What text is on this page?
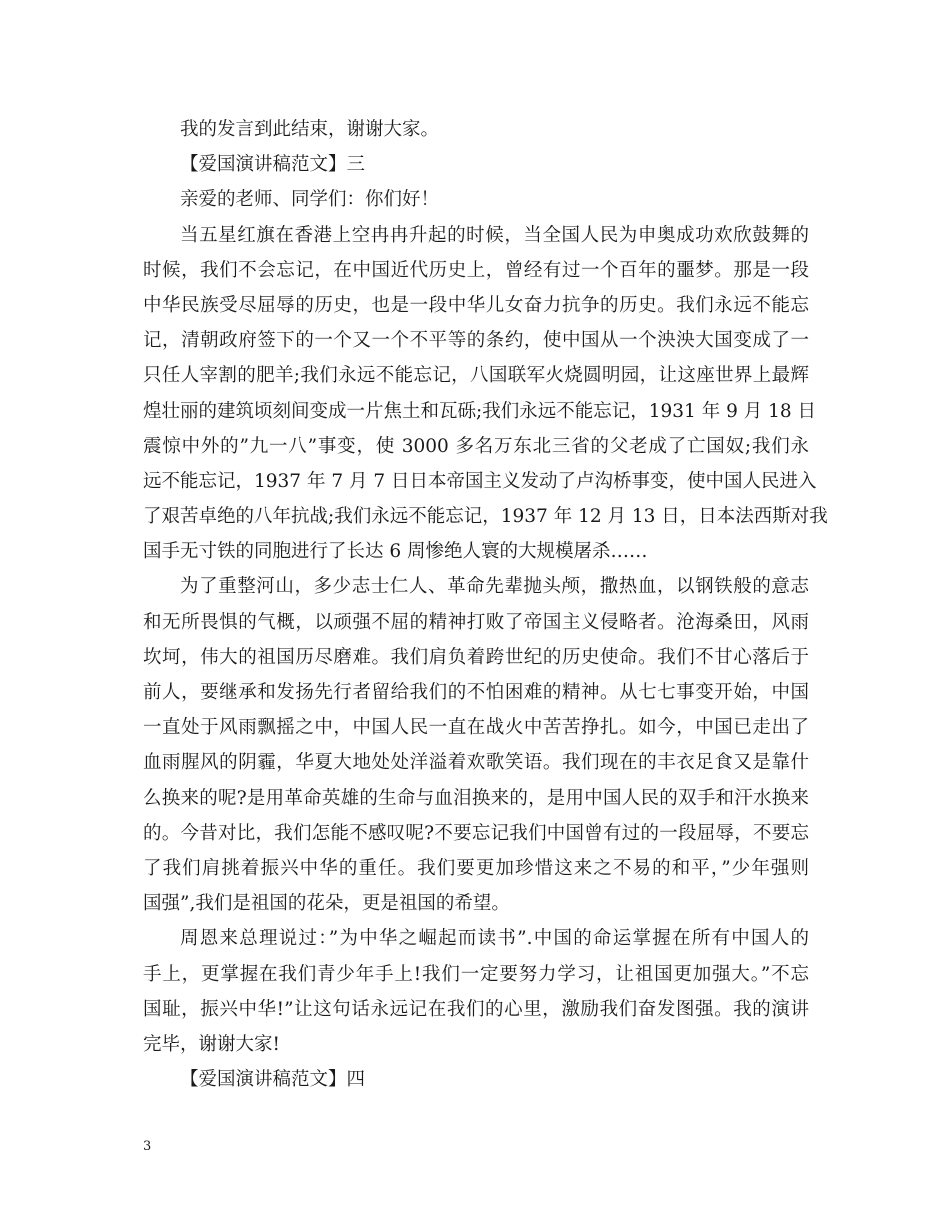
我的发言到此结束，谢谢大家。
【爱国演讲稿范文】三
亲爱的老师、同学们：你们好！
当五星红旗在香港上空冉冉升起的时候，当全国人民为申奥成功欢欣鼓舞的
时候，我们不会忘记，在中国近代历史上，曾经有过一个百年的噩梦。那是一段
中华民族受尽屈辱的历史，也是一段中华儿女奋力抗争的历史。我们永远不能忘
记，清朝政府签下的一个又一个不平等的条约，使中国从一个泱泱大国变成了一
只任人宰割的肥羊;我们永远不能忘记，八国联军火烧圆明园，让这座世界上最辉
煌壮丽的建筑顷刻间变成一片焦土和瓦砾;我们永远不能忘记，1931 年 9 月 18 日
震惊中外的”九一八”事变，使 3000 多名万东北三省的父老成了亡国奴;我们永
远不能忘记，1937 年 7 月 7 日日本帝国主义发动了卢沟桥事变，使中国人民进入
了艰苦卓绝的八年抗战;我们永远不能忘记，1937 年 12 月 13 日，日本法西斯对我
国手无寸铁的同胞进行了长达 6 周惨绝人寰的大规模屠杀……
为了重整河山，多少志士仁人、革命先辈抛头颅，撒热血，以钢铁般的意志
和无所畏惧的气概，以顽强不屈的精神打败了帝国主义侵略者。沧海桑田，风雨
坎坷，伟大的祖国历尽磨难。我们肩负着跨世纪的历史使命。我们不甘心落后于
前人，要继承和发扬先行者留给我们的不怕困难的精神。从七七事变开始，中国
一直处于风雨飘摇之中，中国人民一直在战火中苦苦挣扎。如今，中国已走出了
血雨腥风的阴霾，华夏大地处处洋溢着欢歌笑语。我们现在的丰衣足食又是靠什
么换来的呢?是用革命英雄的生命与血泪换来的，是用中国人民的双手和汗水换来
的。今昔对比，我们怎能不感叹呢?不要忘记我们中国曾有过的一段屈辱，不要忘
了我们肩挑着振兴中华的重任。我们要更加珍惜这来之不易的和平，”少年强则
国强”,我们是祖国的花朵，更是祖国的希望。
周恩来总理说过：”为中华之崛起而读书”.中国的命运掌握在所有中国人的
手上，更掌握在我们青少年手上!我们一定要努力学习，让祖国更加强大。”不忘
国耻，振兴中华!”让这句话永远记在我们的心里，激励我们奋发图强。我的演讲
完毕，谢谢大家!
【爱国演讲稿范文】四
3
